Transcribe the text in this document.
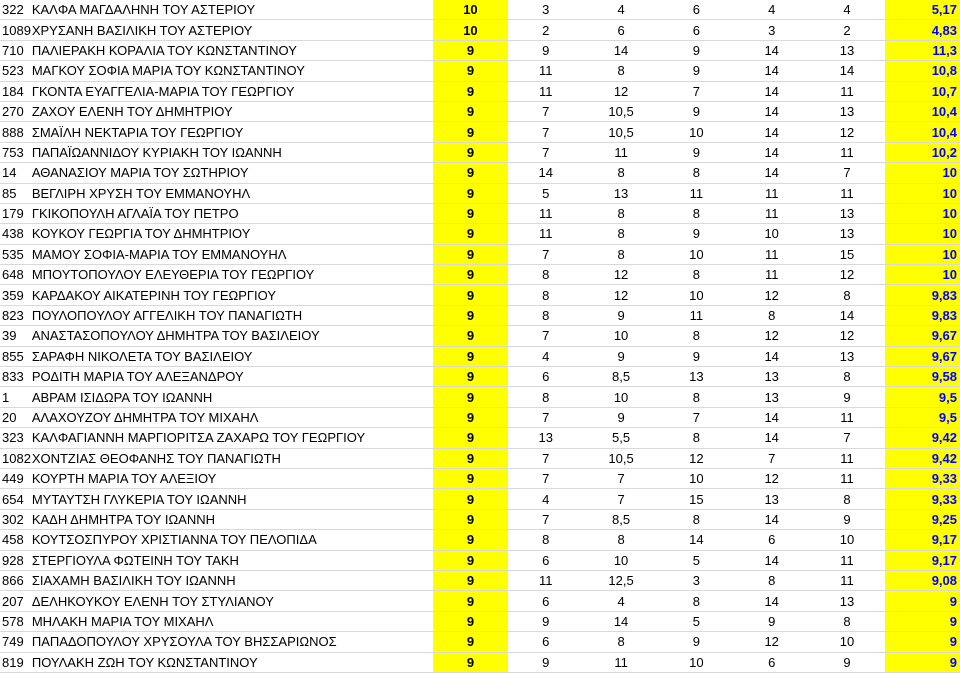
322	ΚΑΛΦΑ ΜΑΓΔΑΛΗΝΗ ΤΟΥ ΑΣΤΕΡΙΟΥ	10	3	4	6	4	4	5,17
1089	ΧΡΥΣΑΝΗ ΒΑΣΙΛΙΚΗ ΤΟΥ ΑΣΤΕΡΙΟΥ	10	2	6	6	3	2	4,83
710	ΠΑΛΙΕΡΑΚΗ ΚΟΡΑΛΙΑ ΤΟΥ ΚΩΝΣΤΑΝΤΙΝΟΥ	9	9	14	9	14	13	11,3
523	ΜΑΓΚΟΥ ΣΟΦΙΑ ΜΑΡΙΑ ΤΟΥ ΚΩΝΣΤΑΝΤΙΝΟΥ	9	11	8	9	14	14	10,8
184	ΓΚΟΝΤΑ ΕΥΑΓΓΕΛΙΑ-ΜΑΡΙΑ ΤΟΥ ΓΕΩΡΓΙΟΥ	9	11	12	7	14	11	10,7
270	ΖΑΧΟΥ ΕΛΕΝΗ ΤΟΥ ΔΗΜΗΤΡΙΟΥ	9	7	10,5	9	14	13	10,4
888	ΣΜΑΪΛΗ ΝΕΚΤΑΡΙΑ ΤΟΥ ΓΕΩΡΓΙΟΥ	9	7	10,5	10	14	12	10,4
753	ΠΑΠΑΪΩΑΝΝΙΔΟΥ ΚΥΡΙΑΚΗ ΤΟΥ ΙΩΑΝΝΗ	9	7	11	9	14	11	10,2
14	ΑΘΑΝΑΣΙΟΥ ΜΑΡΙΑ ΤΟΥ ΣΩΤΗΡΙΟΥ	9	14	8	8	14	7	10
85	ΒΕΓΛΙΡΗ ΧΡΥΣΗ ΤΟΥ ΕΜΜΑΝΟΥΗΛ	9	5	13	11	11	11	10
179	ΓΚΙΚΟΠΟΥΛΗ ΑΓΛΑΪΑ ΤΟΥ ΠΕΤΡΟ	9	11	8	8	11	13	10
438	ΚΟΥΚΟΥ ΓΕΩΡΓΙΑ ΤΟΥ ΔΗΜΗΤΡΙΟΥ	9	11	8	9	10	13	10
535	ΜΑΜΟΥ ΣΟΦΙΑ-ΜΑΡΙΑ ΤΟΥ ΕΜΜΑΝΟΥΗΛ	9	7	8	10	11	15	10
648	ΜΠΟΥΤΟΠΟΥΛΟΥ ΕΛΕΥΘΕΡΙΑ ΤΟΥ ΓΕΩΡΓΙΟΥ	9	8	12	8	11	12	10
359	ΚΑΡΔΑΚΟΥ ΑΙΚΑΤΕΡΙΝΗ ΤΟΥ ΓΕΩΡΓΙΟΥ	9	8	12	10	12	8	9,83
823	ΠΟΥΛΟΠΟΥΛΟΥ ΑΓΓΕΛΙΚΗ ΤΟΥ ΠΑΝΑΓΙΩΤΗ	9	8	9	11	8	14	9,83
39	ΑΝΑΣΤΑΣΟΠΟΥΛΟΥ ΔΗΜΗΤΡΑ ΤΟΥ ΒΑΣΙΛΕΙΟΥ	9	7	10	8	12	12	9,67
855	ΣΑΡΑΦΗ ΝΙΚΟΛΕΤΑ ΤΟΥ ΒΑΣΙΛΕΙΟΥ	9	4	9	9	14	13	9,67
833	ΡΟΔΙΤΗ ΜΑΡΙΑ ΤΟΥ ΑΛΕΞΑΝΔΡΟΥ	9	6	8,5	13	13	8	9,58
1	ΑΒΡΑΜ ΙΣΙΔΩΡΑ ΤΟΥ ΙΩΑΝΝΗ	9	8	10	8	13	9	9,5
20	ΑΛΑΧΟΥΖΟΥ ΔΗΜΗΤΡΑ ΤΟΥ ΜΙΧΑΗΛ	9	7	9	7	14	11	9,5
323	ΚΑΛΦΑΓΙΑΝΝΗ ΜΑΡΓΙΟΡΙΤΣΑ ΖΑΧΑΡΩ ΤΟΥ ΓΕΩΡΓΙΟΥ	9	13	5,5	8	14	7	9,42
1082	ΧΟΝΤΖΙΑΣ ΘΕΟΦΑΝΗΣ ΤΟΥ ΠΑΝΑΓΙΩΤΗ	9	7	10,5	12	7	11	9,42
449	ΚΟΥΡΤΗ ΜΑΡΙΑ ΤΟΥ ΑΛΕΞΙΟΥ	9	7	7	10	12	11	9,33
654	ΜΥΤΑΥΤΣΗ ΓΛΥΚΕΡΙΑ ΤΟΥ ΙΩΑΝΝΗ	9	4	7	15	13	8	9,33
302	ΚΑΔΗ ΔΗΜΗΤΡΑ ΤΟΥ ΙΩΑΝΝΗ	9	7	8,5	8	14	9	9,25
458	ΚΟΥΤΣΟΣΠΥΡΟΥ ΧΡΙΣΤΙΑΝΝΑ ΤΟΥ ΠΕΛΟΠΙΔΑ	9	8	8	14	6	10	9,17
928	ΣΤΕΡΓΙΟΥΛΑ ΦΩΤΕΙΝΗ ΤΟΥ ΤΑΚΗ	9	6	10	5	14	11	9,17
866	ΣΙΑΧΑΜΗ ΒΑΣΙΛΙΚΗ ΤΟΥ ΙΩΑΝΝΗ	9	11	12,5	3	8	11	9,08
207	ΔΕΛΗΚΟΥΚΟΥ ΕΛΕΝΗ ΤΟΥ ΣΤΥΛΙΑΝΟΥ	9	6	4	8	14	13	9
578	ΜΗΛΑΚΗ ΜΑΡΙΑ ΤΟΥ ΜΙΧΑΗΛ	9	9	14	5	9	8	9
749	ΠΑΠΑΔΟΠΟΥΛΟΥ ΧΡΥΣΟΥΛΑ ΤΟΥ ΒΗΣΣΑΡΙΩΝΟΣ	9	6	8	9	12	10	9
819	ΠΟΥΛΑΚΗ ΖΩΗ ΤΟΥ ΚΩΝΣΤΑΝΤΙΝΟΥ	9	9	11	10	6	9	9
